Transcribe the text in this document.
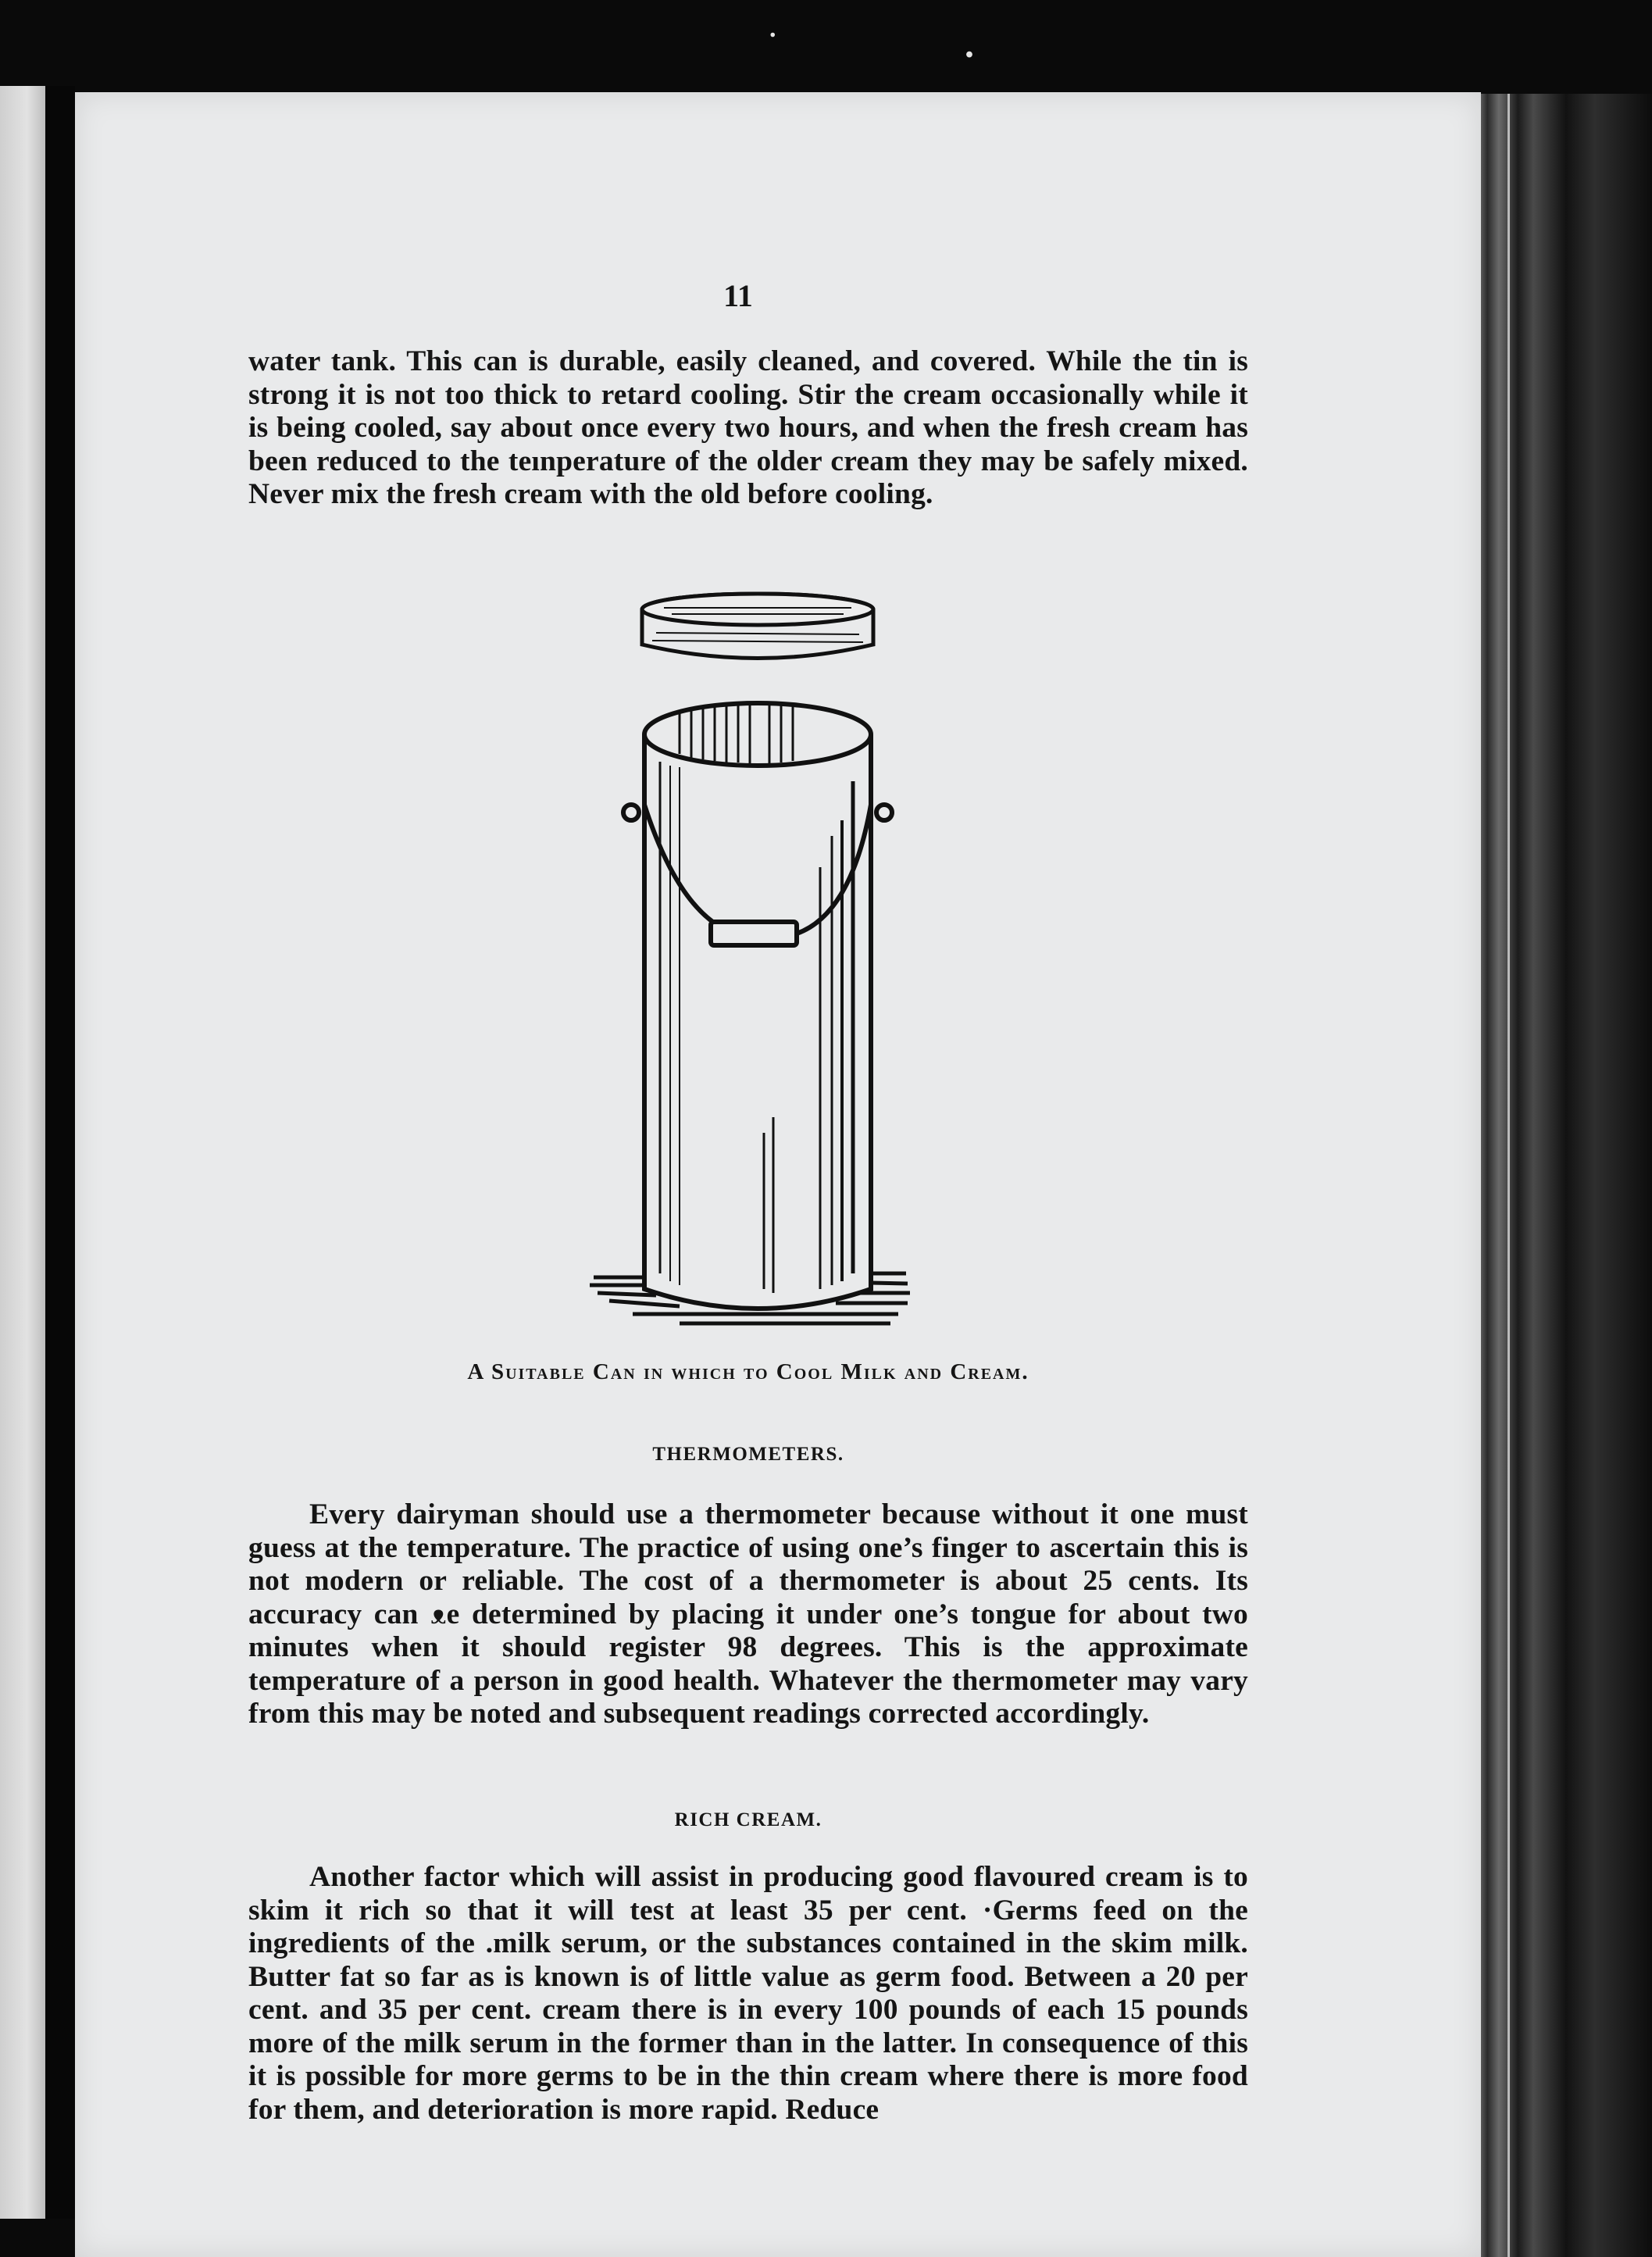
.	.
11

water tank. This can is durable, easily cleaned, and covered. While the tin is strong it is not too thick to retard cooling. Stir the cream occasionally while it is being cooled, say about once every two hours, and when the fresh cream has been reduced to the teınperature of the older cream they may be safely mixed. Never mix the fresh cream with the old before cooling.

A Suitable Can in which to Cool Milk and Cream.
THERMOMETERS.

Every dairyman should use a thermometer because without it one must guess at the temperature. The practice of using one’s finger to ascertain this is not modern or reliable. The cost of a thermometer is about 25 cents. Its accuracy can ᴥe determined by placing it under one’s tongue for about two minutes when it should register 98 degrees. This is the approximate temperature of a person in good health. Whatever the thermometer may vary from this may be noted and subsequent readings corrected accordingly.

RICH CREAM.

Another factor which will assist in producing good flavoured cream is to skim it rich so that it will test at least 35 per cent. ·Germs feed on the ingredients of the .milk serum, or the substances contained in the skim milk. Butter fat so far as is known is of little value as germ food. Between a 20 per cent. and 35 per cent. cream there is in every 100 pounds of each 15 pounds more of the milk serum in the former than in the latter. In consequence of this it is possible for more germs to be in the thin cream where there is more food for them, and deterioration is more rapid. Reduce
